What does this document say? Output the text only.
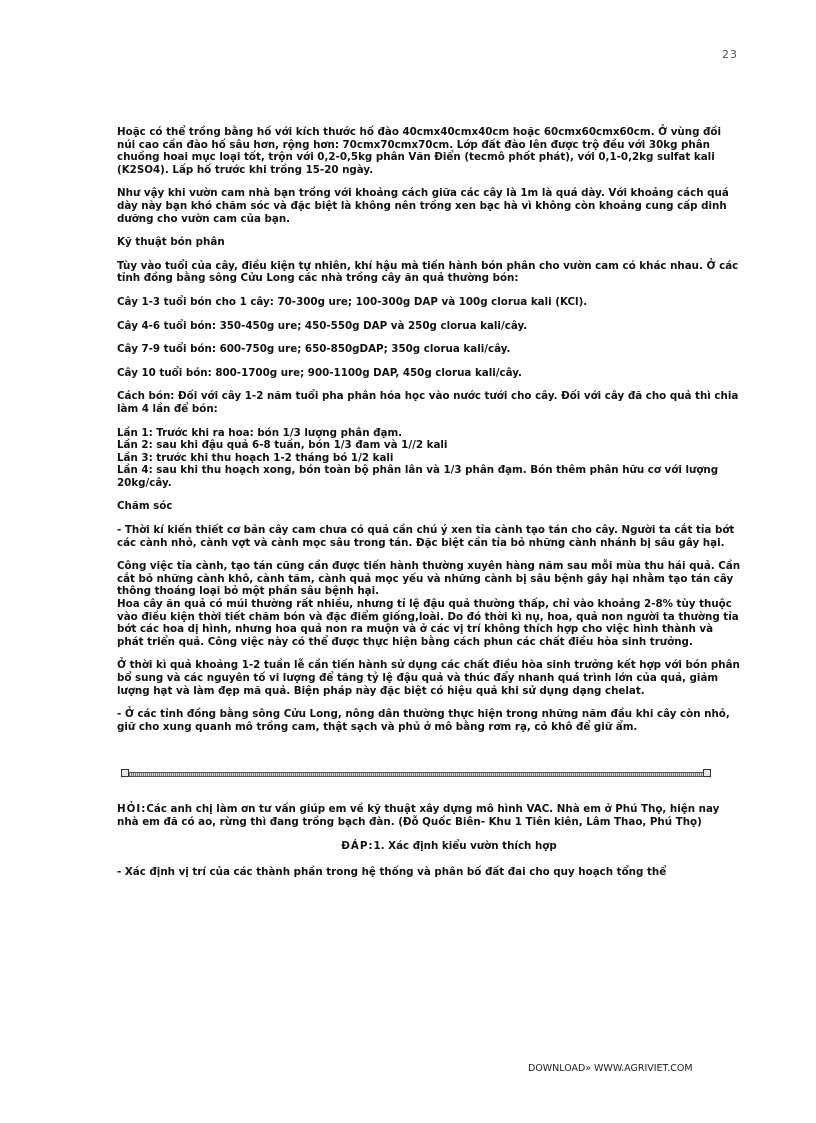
23

Hoặc có thể trồng bằng hố với kích thước hố đào 40cmx40cmx40cm hoặc 60cmx60cmx60cm. Ở vùng đồi núi cao cần đào hố sâu hơn, rộng hơn: 70cmx70cmx70cm. Lớp đất đào lên được trộ đều với 30kg phân chuồng hoai mục loại tốt, trộn với 0,2-0,5kg phân Văn Điển (tecmô phốt phát), với 0,1-0,2kg sulfat kali (K2SO4). Lấp hố trước khi trồng 15-20 ngày.

Như vậy khi vườn cam nhà bạn trồng với khoảng cách giữa các cây là 1m là quá dày. Với khoảng cách quá dày này bạn khó chăm sóc và đặc biệt là không nên trồng xen bạc hà vì không còn khoảng cung cấp dinh dưỡng cho vườn cam của bạn.

Kỹ thuật bón phân

Tùy vào tuổi của cây, điều kiện tự nhiên, khí hậu mà tiến hành bón phân cho vườn cam có khác nhau. Ở các tỉnh đồng bằng sông Cửu Long các nhà trồng cây ăn quả thường bón:

Cây 1-3 tuổi bón cho 1 cây: 70-300g ure; 100-300g DAP và 100g clorua kali (KCl).

Cây 4-6 tuổi bón: 350-450g ure; 450-550g DAP và 250g clorua kali/cây.

Cây 7-9 tuổi bón: 600-750g ure; 650-850gDAP; 350g clorua kali/cây.

Cây 10 tuổi bón: 800-1700g ure; 900-1100g DAP, 450g clorua kali/cây.

Cách bón: Đối với cây 1-2 năm tuổi pha phân hóa học vào nước tưới cho cây. Đối với cây đã cho quả thì chia làm 4 lần để bón:

Lần 1: Trước khi ra hoa: bón 1/3 lượng phân đạm.
Lần 2: sau khi đậu quả 6-8 tuần, bón 1/3 đam và 1//2 kali
Lần 3: trước khi thu hoạch 1-2 tháng bó 1/2 kali
Lần 4: sau khi thu hoạch xong, bón toàn bộ phân lân và 1/3 phân đạm. Bón thêm phân hữu cơ với lượng 20kg/cây.

Chăm sóc

- Thời kí kiến thiết cơ bản cây cam chưa có quả cần chú ý xen tỉa cành tạo tán cho cây. Người ta cắt tỉa bớt các cành nhỏ, cành vợt và cành mọc sâu trong tán. Đặc biệt cần tỉa bỏ những cành nhánh bị sâu gây hại.

Công việc tỉa cành, tạo tán cũng cần được tiến hành thường xuyên hàng năm sau mỗi mùa thu hái quả. Cần cắt bỏ những cành khô, cành tăm, cành quả mọc yếu và những cành bị sâu bệnh gây hại nhằm tạo tán cây thông thoáng loại bỏ một phần sâu bệnh hại.
Hoa cây ăn quả có múi thường rất nhiều, nhưng tỉ lệ đậu quả thường thấp, chỉ vào khoảng 2-8% tùy thuộc vào điều kiện thời tiết chăm bón và đặc điểm giống,loài. Do đó thời kì nụ, hoa, quả non người ta thường tỉa bớt các hoa dị hình, nhưng hoa quả non ra muộn và ở các vị trí không thích hợp cho việc hình thành và phát triển quả. Công việc này có thể được thực hiện bằng cách phun các chất điều hòa sinh trưởng.

Ở thời kì quả khoảng 1-2 tuần lễ cần tiến hành sử dụng các chất điều hòa sinh trưởng kết hợp với bón phân bổ sung và các nguyên tố vi lượng để tăng tỷ lệ đậu quả và thúc đẩy nhanh quá trình lớn của quả, giảm lượng hạt và làm đẹp mã quả. Biện pháp này đặc biệt có hiệu quả khi sử dụng dạng chelat.

- Ở các tỉnh đồng bằng sông Cửu Long, nông dân thường thực hiện trong những năm đầu khi cây còn nhỏ, giữ cho xung quanh mô trồng cam, thật sạch và phủ ở mô bằng rơm rạ, cỏ khô để giữ ẩm.

HỎI:Các anh chị làm ơn tư vấn giúp em về kỹ thuật xây dựng mô hình VAC. Nhà em ở Phú Thọ, hiện nay nhà em đã có ao, rừng thì đang trồng bạch đàn. (Đỗ Quốc Biên- Khu 1 Tiên kiên, Lâm Thao, Phú Thọ)

ĐÁP:1. Xác định kiểu vườn thích hợp

- Xác định vị trí của các thành phần trong hệ thống và phân bố đất đai cho quy hoạch tổng thể

DOWNLOAD» WWW.AGRIVIET.COM
